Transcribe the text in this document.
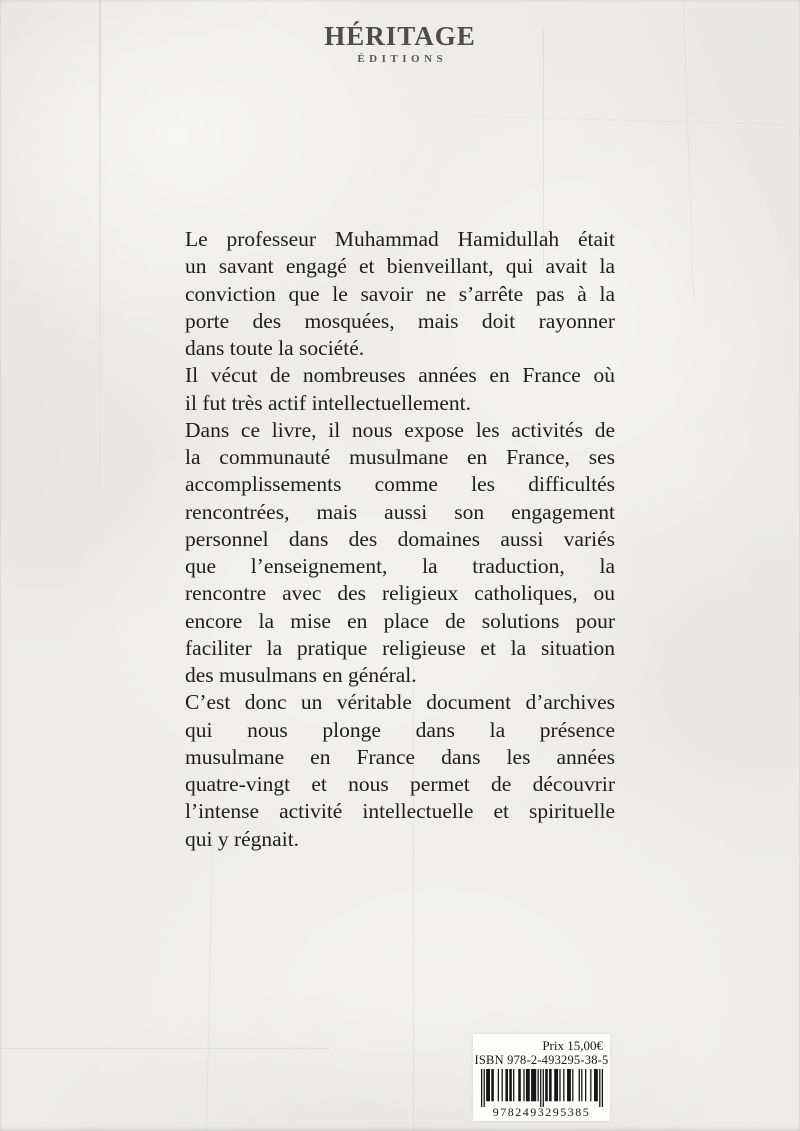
HÉRITAGE
ÉDITIONS
Le professeur Muhammad Hamidullah était
un savant engagé et bienveillant, qui avait la
conviction que le savoir ne s’arrête pas à la
porte des mosquées, mais doit rayonner
dans toute la société.
Il vécut de nombreuses années en France où
il fut très actif intellectuellement.
Dans ce livre, il nous expose les activités de
la communauté musulmane en France, ses
accomplissements comme les difficultés
rencontrées, mais aussi son engagement
personnel dans des domaines aussi variés
que l’enseignement, la traduction, la
rencontre avec des religieux catholiques, ou
encore la mise en place de solutions pour
faciliter la pratique religieuse et la situation
des musulmans en général.
C’est donc un véritable document d’archives
qui nous plonge dans la présence
musulmane en France dans les années
quatre-vingt et nous permet de découvrir
l’intense activité intellectuelle et spirituelle
qui y régnait.
Prix 15,00€
ISBN 978-2-493295-38-5
9782493295385
